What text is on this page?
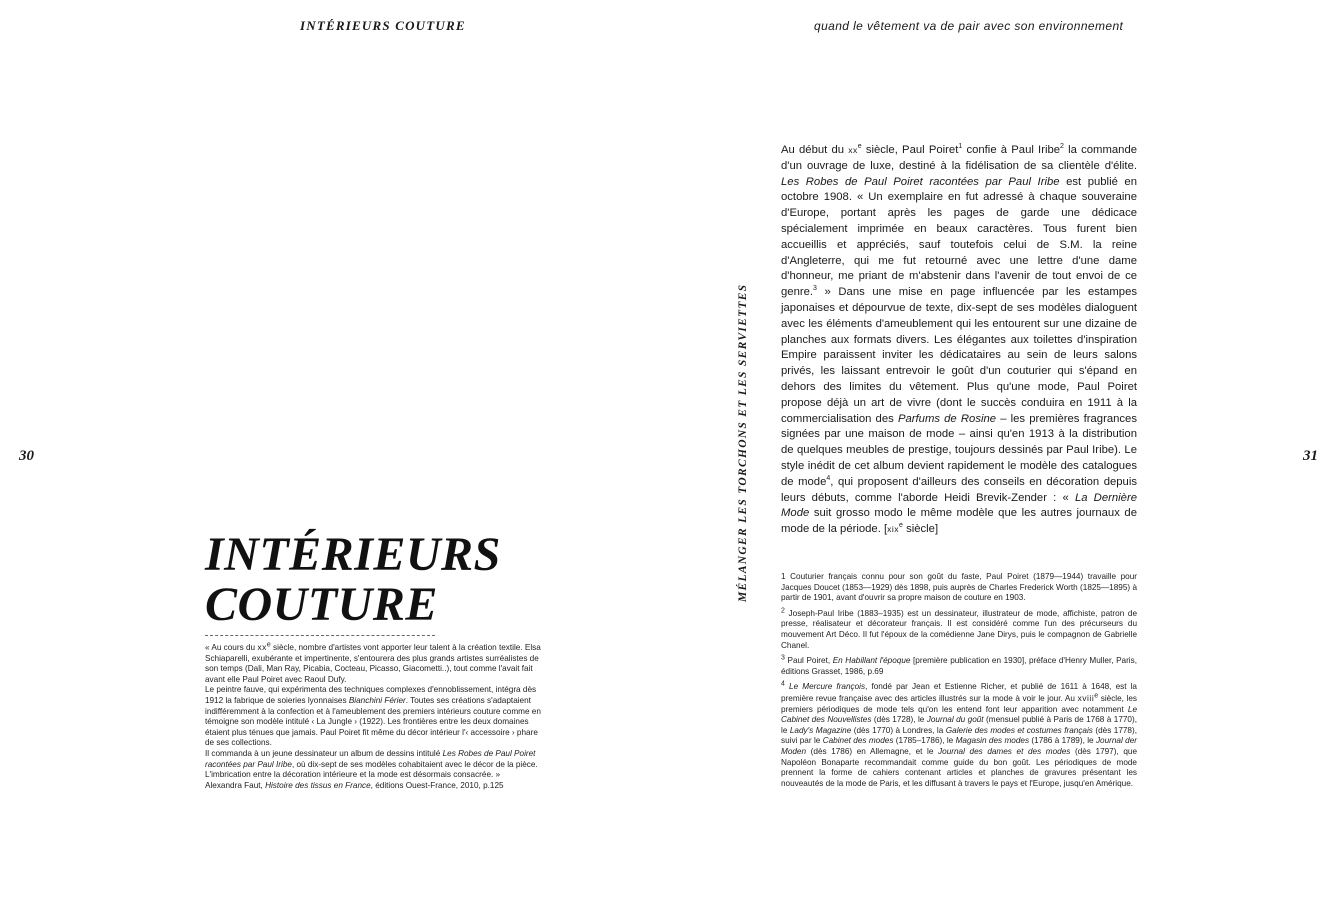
INTÉRIEURS COUTURE
30
INTÉRIEURS
COUTURE

« Au cours du xxe siècle, nombre d'artistes vont apporter leur talent à la création textile. Elsa Schiaparelli, exubérante et impertinente, s'entourera des plus grands artistes surréalistes de son temps (Dali, Man Ray, Picabia, Cocteau, Picasso, Giacometti..), tout comme l'avait fait avant elle Paul Poiret avec Raoul Dufy.

Le peintre fauve, qui expérimenta des techniques complexes d'ennoblissement, intégra dès 1912 la fabrique de soieries lyonnaises Bianchini Férier. Toutes ses créations s'adaptaient indifféremment à la confection et à l'ameublement des premiers intérieurs couture comme en témoigne son modèle intitulé ‹ La Jungle › (1922). Les frontières entre les deux domaines étaient plus ténues que jamais. Paul Poiret fit même du décor intérieur l'‹ accessoire › phare de ses collections.

Il commanda à un jeune dessinateur un album de dessins intitulé Les Robes de Paul Poiret racontées par Paul Iribe, où dix-sept de ses modèles cohabitaient avec le décor de la pièce. L'imbrication entre la décoration intérieure et la mode est désormais consacrée. »

Alexandra Faut, Histoire des tissus en France, éditions Ouest-France, 2010, p.125

quand le vêtement va de pair avec son environnement
31
MÉLANGER LES TORCHONS ET LES SERVIETTES

Au début du $xx^e$ siècle, Paul Poiret$^1$ confie à Paul Iribe$^2$ la commande d'un ouvrage de luxe, destiné à la fidélisation de sa clientèle d'élite. Les Robes de Paul Poiret racontées par Paul Iribe est publié en octobre 1908. « Un exemplaire en fut adressé à chaque souveraine d'Europe, portant après les pages de garde une dédicace spécialement imprimée en beaux caractères. Tous furent bien accueillis et appréciés, sauf toutefois celui de S.M. la reine d'Angleterre, qui me fut retourné avec une lettre d'une dame d'honneur, me priant de m'abstenir dans l'avenir de tout envoi de ce genre.$^3$ » Dans une mise en page influencée par les estampes japonaises et dépourvue de texte, dix-sept de ses modèles dialoguent avec les éléments d'ameublement qui les entourent sur une dizaine de planches aux formats divers. Les élégantes aux toilettes d'inspiration Empire paraissent inviter les dédicataires au sein de leurs salons privés, les laissant entrevoir le goût d'un couturier qui s'épand en dehors des limites du vêtement. Plus qu'une mode, Paul Poiret propose déjà un art de vivre (dont le succès conduira en 1911 à la commercialisation des Parfums de Rosine – les premières fragrances signées par une maison de mode – ainsi qu'en 1913 à la distribution de quelques meubles de prestige, toujours dessinés par Paul Iribe). Le style inédit de cet album devient rapidement le modèle des catalogues de mode$^4$, qui proposent d'ailleurs des conseils en décoration depuis leurs débuts, comme l'aborde Heidi Brevik-Zender : « La Dernière Mode suit grosso modo le même modèle que les autres journaux de mode de la période. [xix$^e$ siècle]

1 Couturier français connu pour son goût du faste, Paul Poiret (1879—1944) travaille pour Jacques Doucet (1853—1929) dès 1898, puis auprès de Charles Frederick Worth (1825—1895) à partir de 1901, avant d'ouvrir sa propre maison de couture en 1903.

2 Joseph-Paul Iribe (1883–1935) est un dessinateur, illustrateur de mode, affichiste, patron de presse, réalisateur et décorateur français. Il est considéré comme l'un des précurseurs du mouvement Art Déco. Il fut l'époux de la comédienne Jane Dirys, puis le compagnon de Gabrielle Chanel.

3 Paul Poiret, En Habillant l'époque [première publication en 1930], préface d'Henry Muller, Paris, éditions Grasset, 1986, p.69

4 Le Mercure françois, fondé par Jean et Estienne Richer, et publié de 1611 à 1648, est la première revue française avec des articles illustrés sur la mode à voir le jour. Au xviiie siècle, les premiers périodiques de mode tels qu'on les entend font leur apparition avec notamment Le Cabinet des Nouvellistes (dès 1728), le Journal du goût (mensuel publié à Paris de 1768 à 1770), le Lady's Magazine (dès 1770) à Londres, la Galerie des modes et costumes français (dès 1778), suivi par le Cabinet des modes (1785–1786), le Magasin des modes (1786 à 1789), le Journal der Moden (dès 1786) en Allemagne, et le Journal des dames et des modes (dès 1797), que Napoléon Bonaparte recommandait comme guide du bon goût. Les périodiques de mode prennent la forme de cahiers contenant articles et planches de gravures présentant les nouveautés de la mode de Paris, et les diffusant à travers le pays et l'Europe, jusqu'en Amérique.
